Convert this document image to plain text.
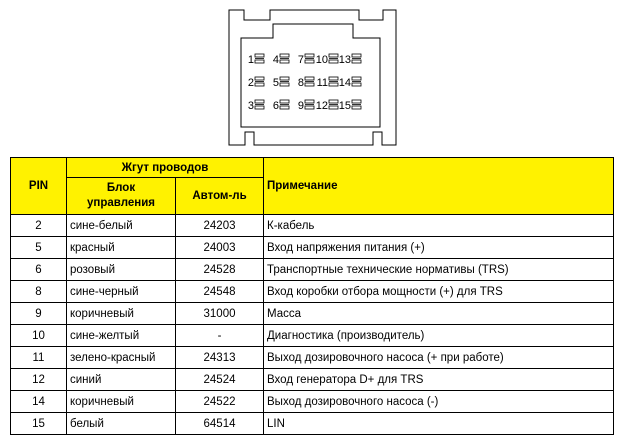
1 4 7 10 13
2 5 8 11 14
3 6 9 12 15
PIN	Жгут проводов		Примечание
	Блок
управления	Автом-ль	
2	сине-белый	24203	К-кабель
5	красный	24003	Вход напряжения питания (+)
6	розовый	24528	Транспортные технические нормативы (TRS)
8	сине-черный	24548	Вход коробки отбора мощности (+) для TRS
9	коричневый	31000	Масса
10	сине-желтый	-	Диагностика (производитель)
11	зелено-красный	24313	Выход дозировочного насоса (+ при работе)
12	синий	24524	Вход генератора D+ для TRS
14	коричневый	24522	Выход дозировочного насоса (-)
15	белый	64514	LIN
